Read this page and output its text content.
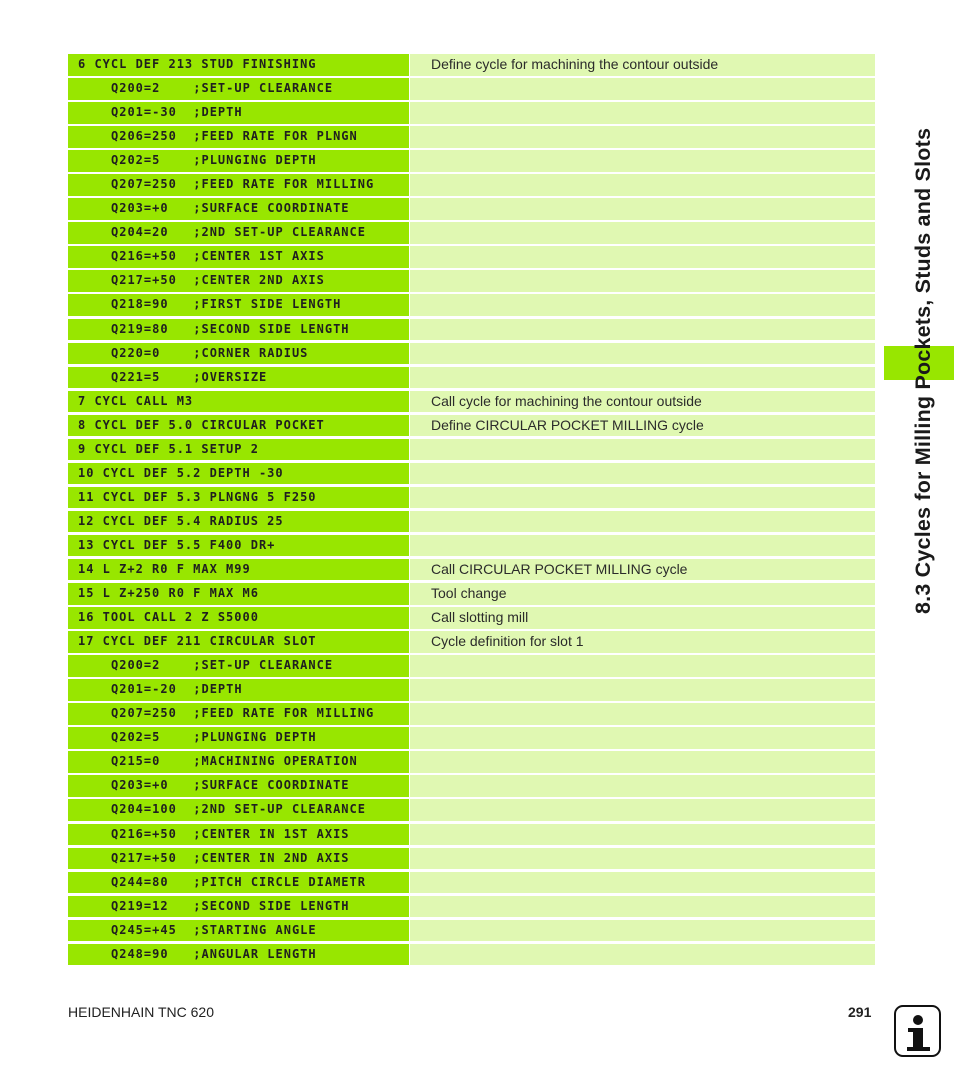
6 CYCL DEF 213 STUD FINISHING	Define cycle for machining the contour outside
Q200=2    ;SET-UP CLEARANCE
Q201=-30  ;DEPTH
Q206=250  ;FEED RATE FOR PLNGN
Q202=5    ;PLUNGING DEPTH
Q207=250  ;FEED RATE FOR MILLING
Q203=+0   ;SURFACE COORDINATE
Q204=20   ;2ND SET-UP CLEARANCE
Q216=+50  ;CENTER 1ST AXIS
Q217=+50  ;CENTER 2ND AXIS
Q218=90   ;FIRST SIDE LENGTH
Q219=80   ;SECOND SIDE LENGTH
Q220=0    ;CORNER RADIUS
Q221=5    ;OVERSIZE
7 CYCL CALL M3	Call cycle for machining the contour outside
8 CYCL DEF 5.0 CIRCULAR POCKET	Define CIRCULAR POCKET MILLING cycle
9 CYCL DEF 5.1 SETUP 2
10 CYCL DEF 5.2 DEPTH -30
11 CYCL DEF 5.3 PLNGNG 5 F250
12 CYCL DEF 5.4 RADIUS 25
13 CYCL DEF 5.5 F400 DR+
14 L Z+2 R0 F MAX M99	Call CIRCULAR POCKET MILLING cycle
15 L Z+250 R0 F MAX M6	Tool change
16 TOOL CALL 2 Z S5000	Call slotting mill
17 CYCL DEF 211 CIRCULAR SLOT	Cycle definition for slot 1
Q200=2    ;SET-UP CLEARANCE
Q201=-20  ;DEPTH
Q207=250  ;FEED RATE FOR MILLING
Q202=5    ;PLUNGING DEPTH
Q215=0    ;MACHINING OPERATION
Q203=+0   ;SURFACE COORDINATE
Q204=100  ;2ND SET-UP CLEARANCE
Q216=+50  ;CENTER IN 1ST AXIS
Q217=+50  ;CENTER IN 2ND AXIS
Q244=80   ;PITCH CIRCLE DIAMETR
Q219=12   ;SECOND SIDE LENGTH
Q245=+45  ;STARTING ANGLE
Q248=90   ;ANGULAR LENGTH
8.3 Cycles for Milling Pockets, Studs and Slots
HEIDENHAIN TNC 620	291
